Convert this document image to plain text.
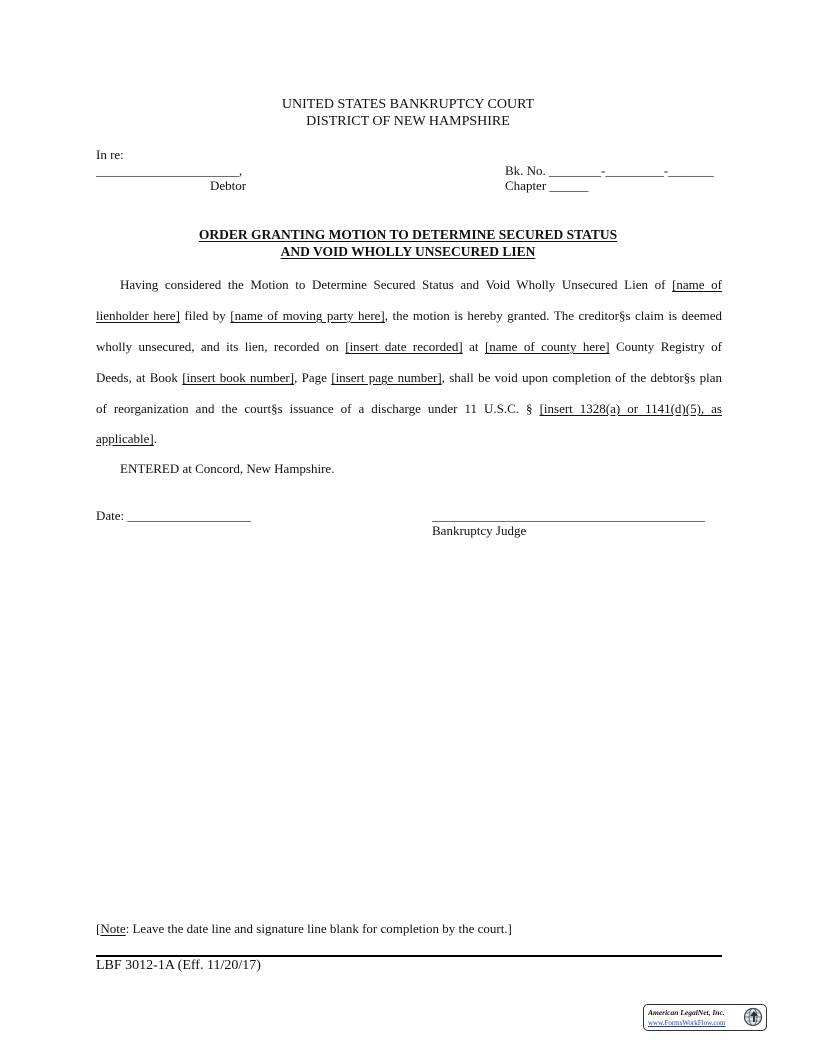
UNITED STATES BANKRUPTCY COURT
DISTRICT OF NEW HAMPSHIRE
In re:
______________________,
Debtor
Bk. No. ________-_________-_______
Chapter ______
ORDER GRANTING MOTION TO DETERMINE SECURED STATUS
AND VOID WHOLLY UNSECURED LIEN
Having considered the Motion to Determine Secured Status and Void Wholly Unsecured Lien of [name of
lienholder here] filed by [name of moving party here], the motion is hereby granted. The creditor§s claim is deemed
wholly unsecured, and its lien, recorded on [insert date recorded] at [name of county here] County Registry of
Deeds, at Book [insert book number], Page [insert page number], shall be void upon completion of the debtor§s plan
of reorganization and the court§s issuance of a discharge under 11 U.S.C. § [insert 1328(a) or 1141(d)(5), as
applicable].
ENTERED at Concord, New Hampshire.
Date: ___________________	__________________________________________
Bankruptcy Judge
[Note: Leave the date line and signature line blank for completion by the court.]
LBF 3012-1A (Eff. 11/20/17)
American LegalNet, Inc.
www.FormsWorkFlow.com
